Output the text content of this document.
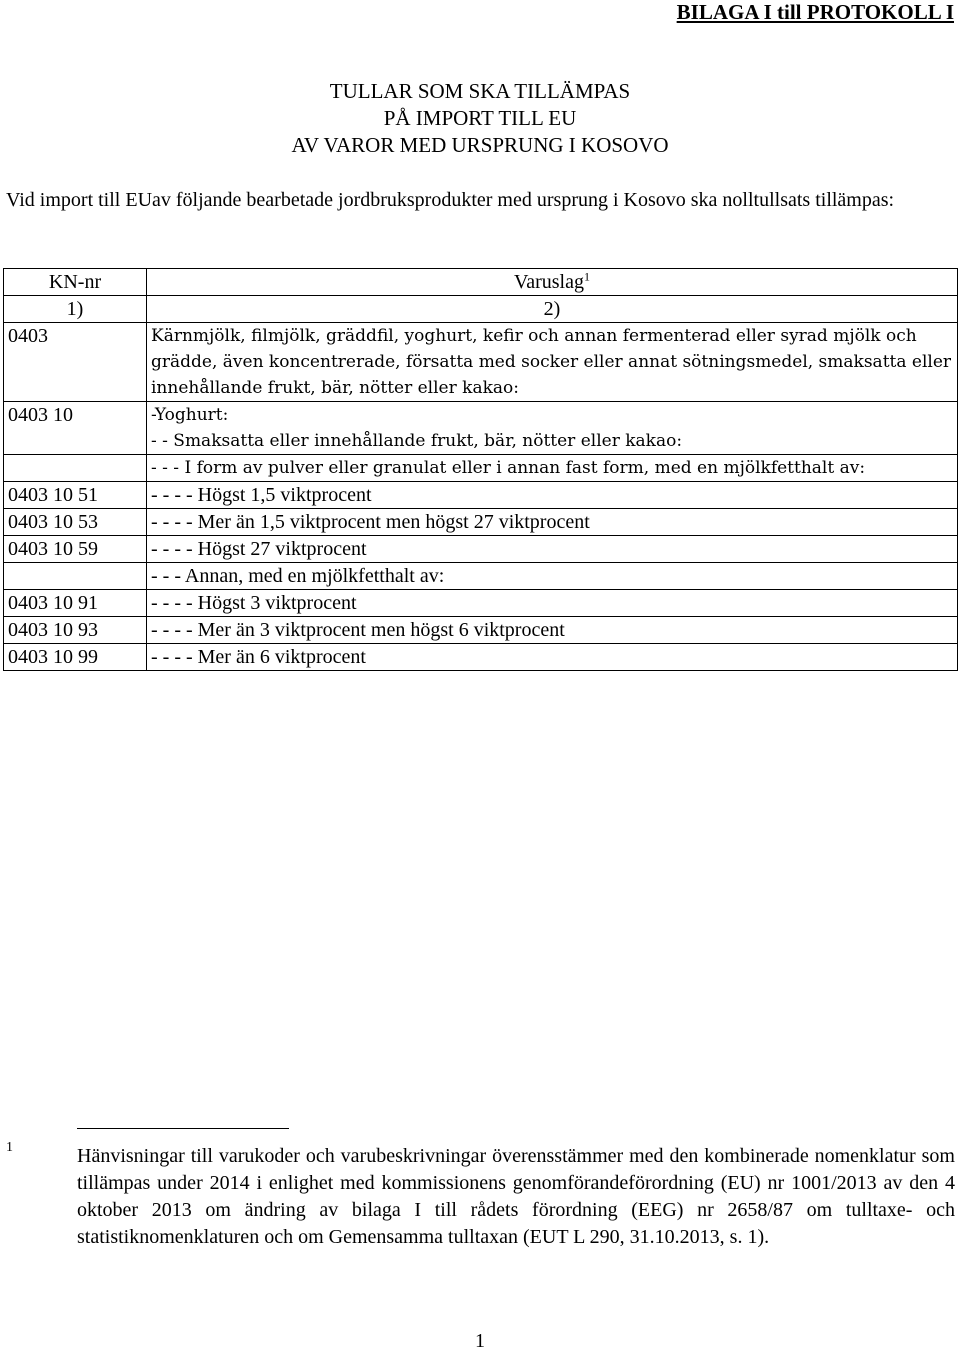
BILAGA I till PROTOKOLL I
TULLAR SOM SKA TILLÄMPAS
PÅ IMPORT TILL EU
AV VAROR MED URSPRUNG I KOSOVO
Vid import till EUav följande bearbetade jordbruksprodukter med ursprung i Kosovo ska nolltullsats tillämpas:
KN-nr	Varuslag$^1$
1)	2)
0403	Kärnmjölk, filmjölk, gräddfil, yoghurt, kefir och annan fermenterad eller syrad mjölk och grädde, även koncentrerade, försatta med socker eller annat sötningsmedel, smaksatta eller innehållande frukt, bär, nötter eller kakao:
0403 10	-Yoghurt:
	- - Smaksatta eller innehållande frukt, bär, nötter eller kakao:
	- - - I form av pulver eller granulat eller i annan fast form, med en mjölkfetthalt av:
0403 10 51	- - - - Högst 1,5 viktprocent
0403 10 53	- - - - Mer än 1,5 viktprocent men högst 27 viktprocent
0403 10 59	- - - - Högst 27 viktprocent
	- - - Annan, med en mjölkfetthalt av:
0403 10 91	- - - - Högst 3 viktprocent
0403 10 93	- - - - Mer än 3 viktprocent men högst 6 viktprocent
0403 10 99	- - - - Mer än 6 viktprocent
1	Hänvisningar till varukoder och varubeskrivningar överensstämmer med den kombinerade nomenklatur som tillämpas under 2014 i enlighet med kommissionens genomförandeförordning (EU) nr 1001/2013 av den 4 oktober 2013 om ändring av bilaga I till rådets förordning (EEG) nr 2658/87 om tulltaxe- och statistiknomenklaturen och om Gemensamma tulltaxan (EUT L 290, 31.10.2013, s. 1).
1
